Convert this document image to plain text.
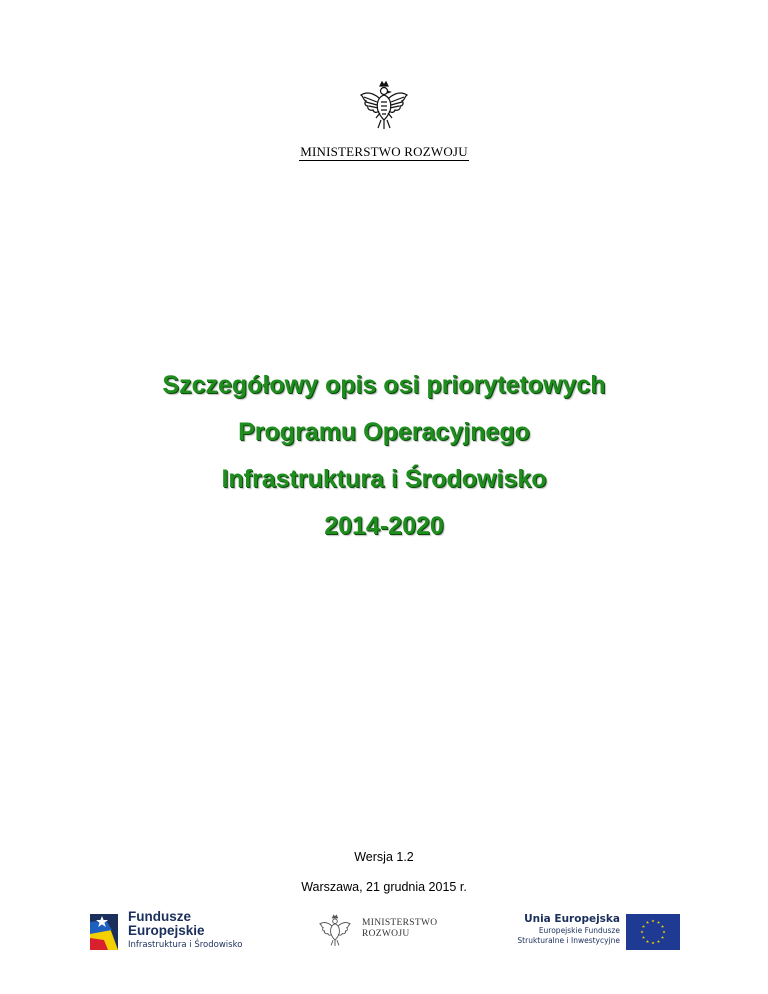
MINISTERSTWO ROZWOJU
Szczegółowy opis osi priorytetowych
Programu Operacyjnego
Infrastruktura i Środowisko
2014-2020
Wersja 1.2
Warszawa, 21 grudnia 2015 r.
Fundusze
Europejskie
Infrastruktura i Środowisko
MINISTERSTWO
ROZWOJU
Unia Europejska
Europejskie Fundusze
Strukturalne i Inwestycyjne
